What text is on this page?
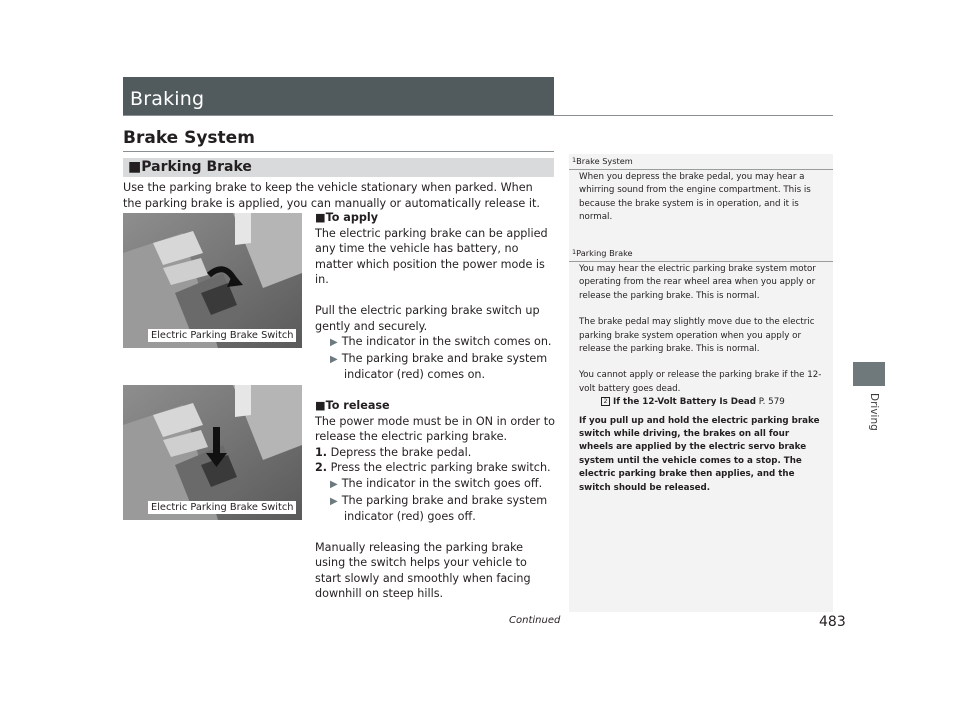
Braking
Driving
Brake System
■Parking Brake
Use the parking brake to keep the vehicle stationary when parked. When the parking brake is applied, you can manually or automatically release it.
Electric Parking Brake Switch
Electric Parking Brake Switch
■To apply
The electric parking brake can be applied any time the vehicle has battery, no matter which position the power mode is in.
Pull the electric parking brake switch up gently and securely.
▶ The indicator in the switch comes on.
▶ The parking brake and brake system
indicator (red) comes on.
■To release
The power mode must be in ON in order to release the electric parking brake.
1. Depress the brake pedal.
2. Press the electric parking brake switch.
▶ The indicator in the switch goes off.
▶ The parking brake and brake system
indicator (red) goes off.
Manually releasing the parking brake using the switch helps your vehicle to start slowly and smoothly when facing downhill on steep hills.
$^1$Brake System
When you depress the brake pedal, you may hear a whirring sound from the engine compartment. This is because the brake system is in operation, and it is normal.
$^1$Parking Brake
You may hear the electric parking brake system motor operating from the rear wheel area when you apply or release the parking brake. This is normal.
The brake pedal may slightly move due to the electric parking brake system operation when you apply or release the parking brake. This is normal.
You cannot apply or release the parking brake if the 12-volt battery goes dead.
2 If the 12-Volt Battery Is Dead P. 579
If you pull up and hold the electric parking brake switch while driving, the brakes on all four wheels are applied by the electric servo brake system until the vehicle comes to a stop. The electric parking brake then applies, and the switch should be released.
Continued	483
